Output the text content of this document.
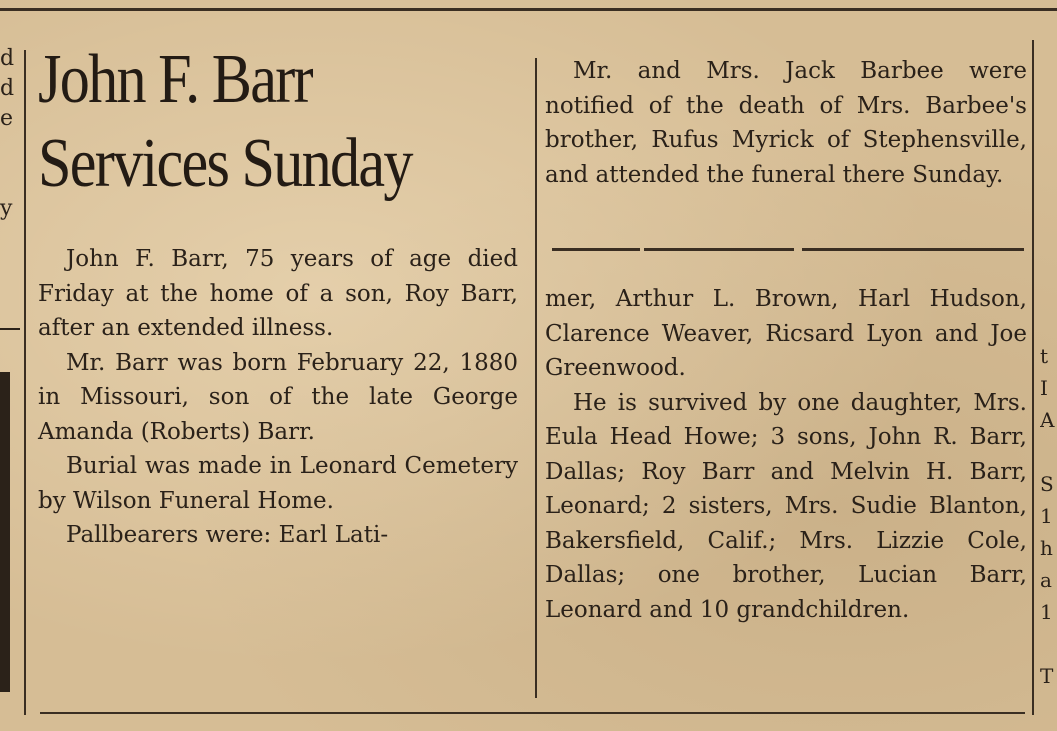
d
d
e
y
t
I
A
S
1
h
a
1
T
John F. Barr
Services Sunday

John F. Barr, 75 years of age died Friday at the home of a son, Roy Barr, after an extended illness.

Mr. Barr was born February 22, 1880 in Missouri, son of the late George Amanda (Roberts) Barr.

Burial was made in Leonard Cemetery by Wilson Funeral Home.

Pallbearers were: Earl Lati-

Mr. and Mrs. Jack Barbee were notified of the death of Mrs. Barbee's brother, Rufus Myrick of Stephensville, and attended the funeral there Sunday.

mer, Arthur L. Brown, Harl Hudson, Clarence Weaver, Ricsard Lyon and Joe Greenwood.

He is survived by one daughter, Mrs. Eula Head Howe; 3 sons, John R. Barr, Dallas; Roy Barr and Melvin H. Barr, Leonard; 2 sisters, Mrs. Sudie Blanton, Bakersfield, Calif.; Mrs. Lizzie Cole, Dallas; one brother, Lucian Barr, Leonard and 10 grandchildren.
